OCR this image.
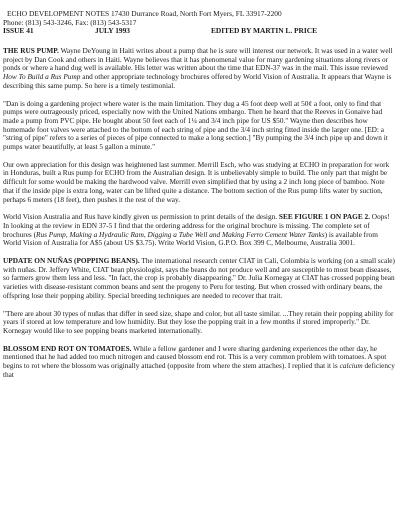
ECHO DEVELOPMENT NOTES 17430 Durrance Road, North Fort Myers, FL 33917-2200
Phone: (813) 543-3246, Fax: (813) 543-5317
ISSUE 41	JULY 1993	EDITED BY MARTIN L. PRICE

THE RUS PUMP. Wayne DeYoung in Haiti writes about a pump that he is sure will interest our network. It was used in a water well project by Dan Cook and others in Haiti. Wayne believes that it has phenomenal value for many gardening situations along rivers or ponds or where a hand dug well is available. His letter was written about the time that EDN-37 was in the mail. This issue reviewed How To Build a Rus Pump and other appropriate technology brochures offered by World Vision of Australia. It appears that Wayne is describing this same pump. So here is a timely testimonial.

"Dan is doing a gardening project where water is the main limitation. They dug a 45 foot deep well at 50¢ a foot, only to find that pumps were outrageously priced, especially now with the United Nations embargo. Then he heard that the Reeves in Gonaive had made a pump from PVC pipe. He bought about 50 feet each of 1¼ and 3/4 inch pipe for US $50." Wayne then describes how homemade foot valves were attached to the bottom of each string of pipe and the 3/4 inch string fitted inside the larger one. [ED: a "string of pipe" refers to a series of pieces of pipe connected to make a long section.] "By pumping the 3/4 inch pipe up and down it pumps water beautifully, at least 5 gallon a minute."

Our own appreciation for this design was heightened last summer. Merrill Esch, who was studying at ECHO in preparation for work in Honduras, built a Rus pump for ECHO from the Australian design. It is unbelievably simple to build. The only part that might be difficult for some would be making the hardwood valve. Merrill even simplified that by using a 2 inch long piece of bamboo. Note that if the inside pipe is extra long, water can be lifted quite a distance. The bottom section of the Rus pump lifts water by suction, perhaps 6 meters (18 feet), then pushes it the rest of the way.

World Vision Australia and Rus have kindly given us permission to print details of the design. SEE FIGURE 1 ON PAGE 2. Oops! In looking at the review in EDN 37-5 I find that the ordering address for the original brochure is missing. The complete set of brochures (Rus Pump, Making a Hydraulic Ram, Digging a Tube Well and Making Ferro Cement Water Tanks) is available from World Vision of Australia for A$5 (about US $3.75). Write World Vision, G.P.O. Box 399 C, Melbourne, Australia 3001.

UPDATE ON NUÑAS (POPPING BEANS). The international research center CIAT in Cali, Colombia is working (on a small scale) with nuñas. Dr. Jeffery White, CIAT bean physiologist, says the beans do not produce well and are susceptible to most bean diseases, so farmers grow them less and less. "In fact, the crop is probably disappearing." Dr. Julia Kornegay at CIAT has crossed popping bean varieties with disease-resistant common beans and sent the progeny to Peru for testing. But when crossed with ordinary beans, the offspring lose their popping ability. Special breeding techniques are needed to recover that trait.

"There are about 30 types of nuñas that differ in seed size, shape and color, but all taste similar. ...They retain their popping ability for years if stored at low temperature and low humidity. But they lose the popping trait in a few months if stored improperly." Dr. Kornegay would like to see popping beans marketed internationally.

BLOSSOM END ROT ON TOMATOES. While a fellow gardener and I were sharing gardening experiences the other day, he mentioned that he had added too much nitrogen and caused blossom end rot. This is a very common problem with tomatoes. A spot begins to rot where the blossom was originally attached (opposite from where the stem attaches). I replied that it is calcium deficiency that
